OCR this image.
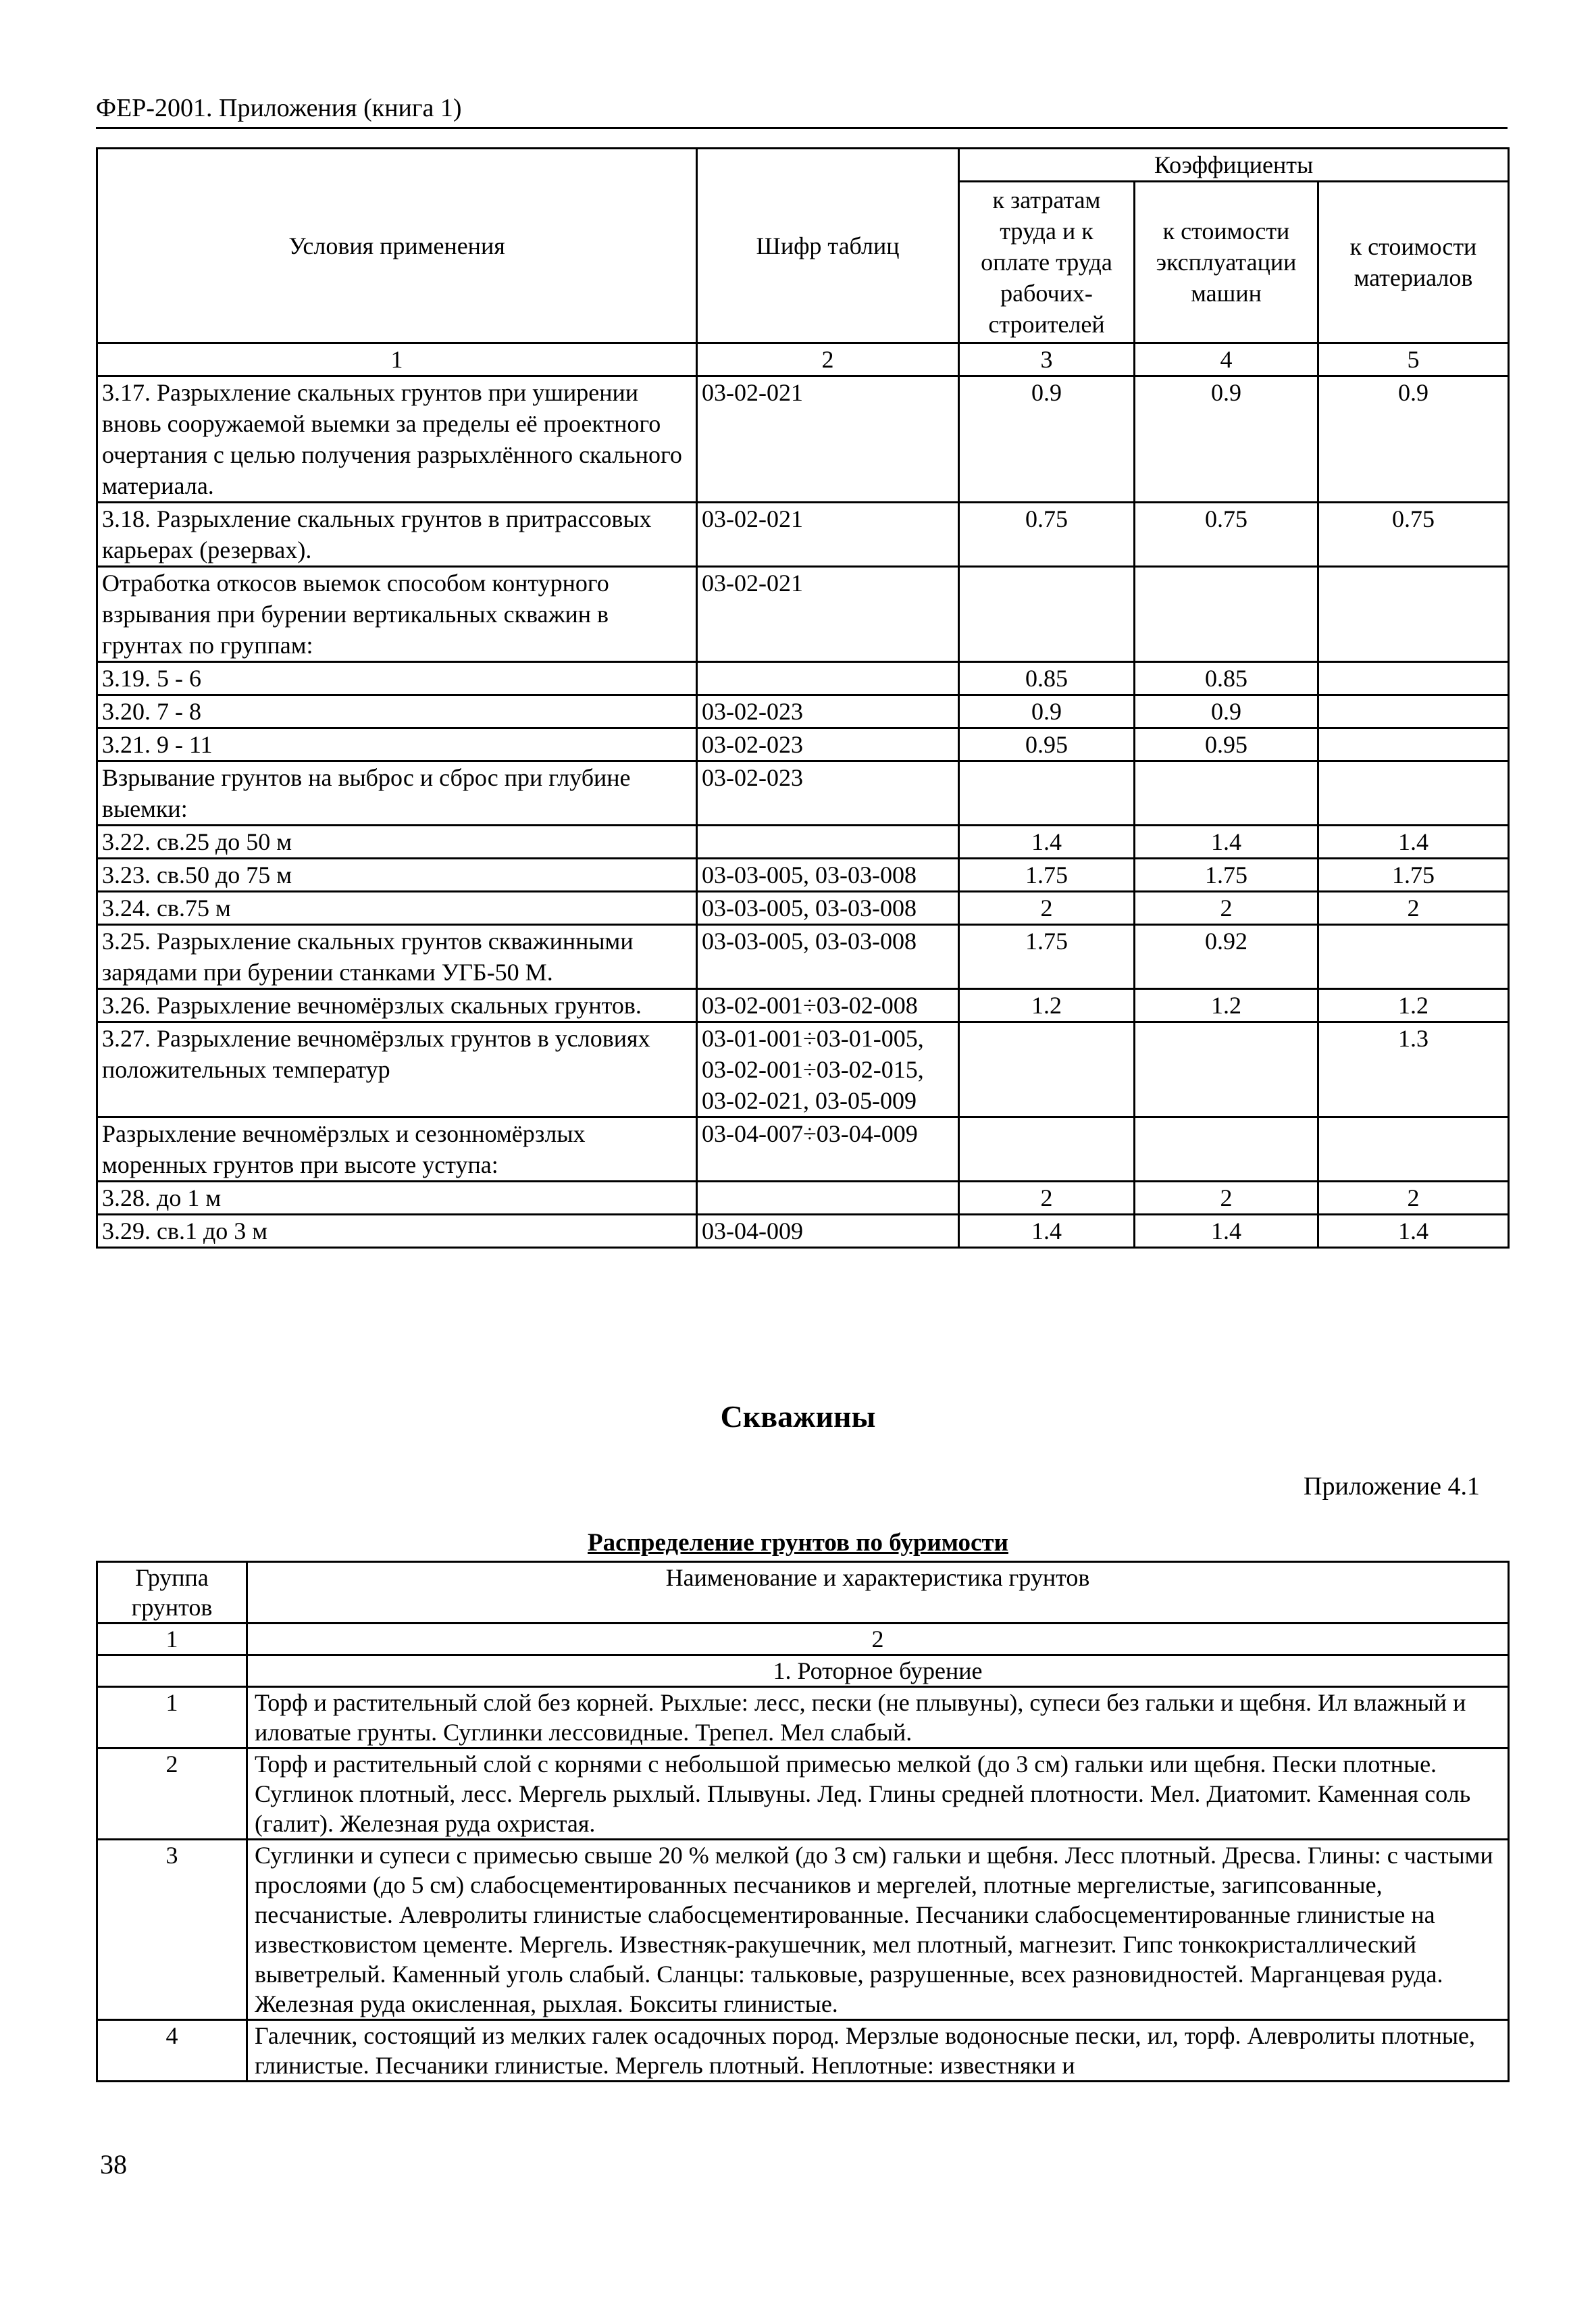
ФЕР-2001. Приложения (книга 1)
Условия применения	Шифр таблиц	Коэффициенты		
		к затратам труда и к оплате труда рабочих-строителей	к стоимости эксплуатации машин	к стоимости материалов
1	2	3	4	5
3.17. Разрыхление скальных грунтов при уширении вновь сооружаемой выемки за пределы её проектного очертания с целью получения разрыхлённого скального материала.	03-02-021	0.9	0.9	0.9
3.18. Разрыхление скальных грунтов в притрассовых карьерах (резервах).	03-02-021	0.75	0.75	0.75
Отработка откосов выемок способом контурного взрывания при бурении вертикальных скважин в грунтах по группам:	03-02-021			
3.19. 5 - 6		0.85	0.85	
3.20. 7 - 8	03-02-023	0.9	0.9	
3.21. 9 - 11	03-02-023	0.95	0.95	
Взрывание грунтов на выброс и сброс при глубине выемки:	03-02-023			
3.22. св.25 до 50 м		1.4	1.4	1.4
3.23. св.50 до 75 м	03-03-005, 03-03-008	1.75	1.75	1.75
3.24. св.75 м	03-03-005, 03-03-008	2	2	2
3.25. Разрыхление скальных грунтов скважинными зарядами при бурении станками УГБ-50 М.	03-03-005, 03-03-008	1.75	0.92	
3.26. Разрыхление вечномёрзлых скальных грунтов.	03-02-001÷03-02-008	1.2	1.2	1.2
3.27. Разрыхление вечномёрзлых грунтов в условиях положительных температур	03-01-001÷03-01-005, 03-02-001÷03-02-015, 03-02-021, 03-05-009			1.3
Разрыхление вечномёрзлых и сезонномёрзлых моренных грунтов при высоте уступа:	03-04-007÷03-04-009			
3.28. до 1 м		2	2	2
3.29. св.1 до 3 м	03-04-009	1.4	1.4	1.4
Скважины
Приложение 4.1
Распределение грунтов по буримости
Группа грунтов	Наименование и характеристика грунтов
1	2
	1. Роторное бурение
1	Торф и растительный слой без корней. Рыхлые: лесс, пески (не плывуны), супеси без гальки и щебня. Ил влажный и иловатые грунты. Суглинки лессовидные. Трепел. Мел слабый.
2	Торф и растительный слой с корнями с небольшой примесью мелкой (до 3 см) гальки или щебня. Пески плотные. Суглинок плотный, лесс. Мергель рыхлый. Плывуны. Лед. Глины средней плотности. Мел. Диатомит. Каменная соль (галит). Железная руда охристая.
3	Суглинки и супеси с примесью свыше 20 % мелкой (до 3 см) гальки и щебня. Лесс плотный. Дресва. Глины: с частыми прослоями (до 5 см) слабосцементированных песчаников и мергелей, плотные мергелистые, загипсованные, песчанистые. Алевролиты глинистые слабосцементированные. Песчаники слабосцементированные глинистые на известковистом цементе. Мергель. Известняк-ракушечник, мел плотный, магнезит. Гипс тонкокристаллический выветрелый. Каменный уголь слабый. Сланцы: тальковые, разрушенные, всех разновидностей. Марганцевая руда. Железная руда окисленная, рыхлая. Бокситы глинистые.
4	Галечник, состоящий из мелких галек осадочных пород. Мерзлые водоносные пески, ил, торф. Алевролиты плотные, глинистые. Песчаники глинистые. Мергель плотный. Неплотные: известняки и
38
